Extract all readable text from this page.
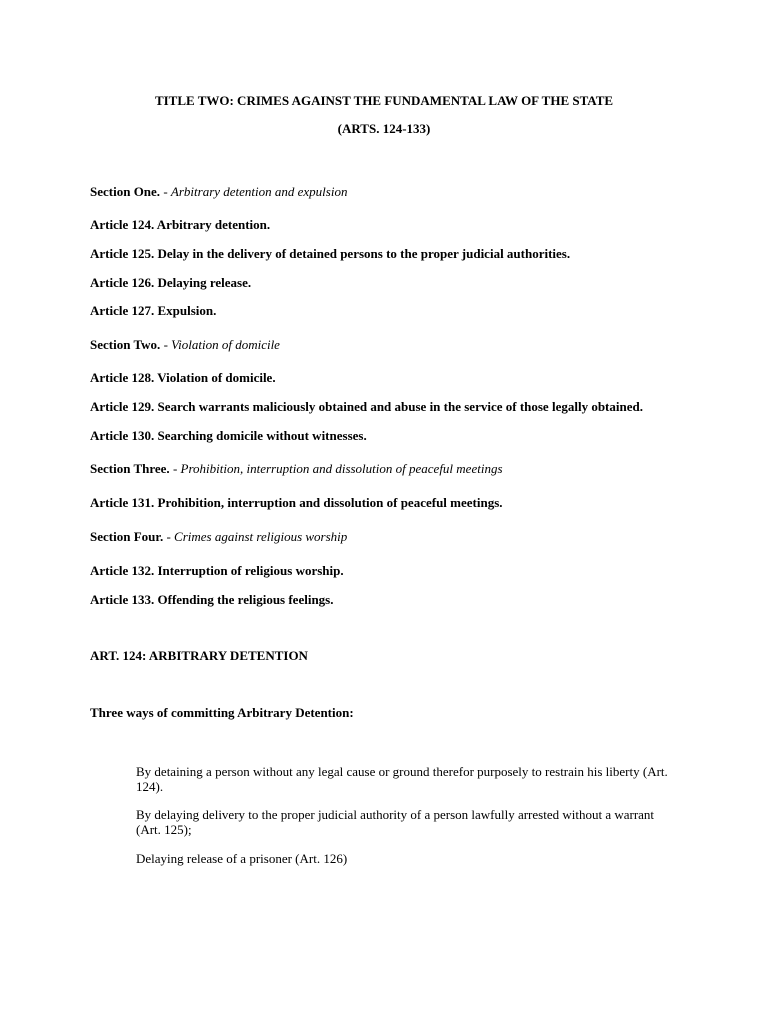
TITLE TWO: CRIMES AGAINST THE FUNDAMENTAL LAW OF THE STATE
(ARTS. 124-133)
Section One. - Arbitrary detention and expulsion
Article 124. Arbitrary detention.
Article 125. Delay in the delivery of detained persons to the proper judicial authorities.
Article 126. Delaying release.
Article 127. Expulsion.
Section Two. - Violation of domicile
Article 128. Violation of domicile.
Article 129. Search warrants maliciously obtained and abuse in the service of those legally obtained.
Article 130. Searching domicile without witnesses.
Section Three. - Prohibition, interruption and dissolution of peaceful meetings
Article 131. Prohibition, interruption and dissolution of peaceful meetings.
Section Four. - Crimes against religious worship
Article 132. Interruption of religious worship.
Article 133. Offending the religious feelings.
ART. 124: ARBITRARY DETENTION
Three ways of committing Arbitrary Detention:
By detaining a person without any legal cause or ground therefor purposely to restrain his liberty (Art. 124).
By delaying delivery to the proper judicial authority of a person lawfully arrested without a warrant (Art. 125);
Delaying release of a prisoner (Art. 126)
